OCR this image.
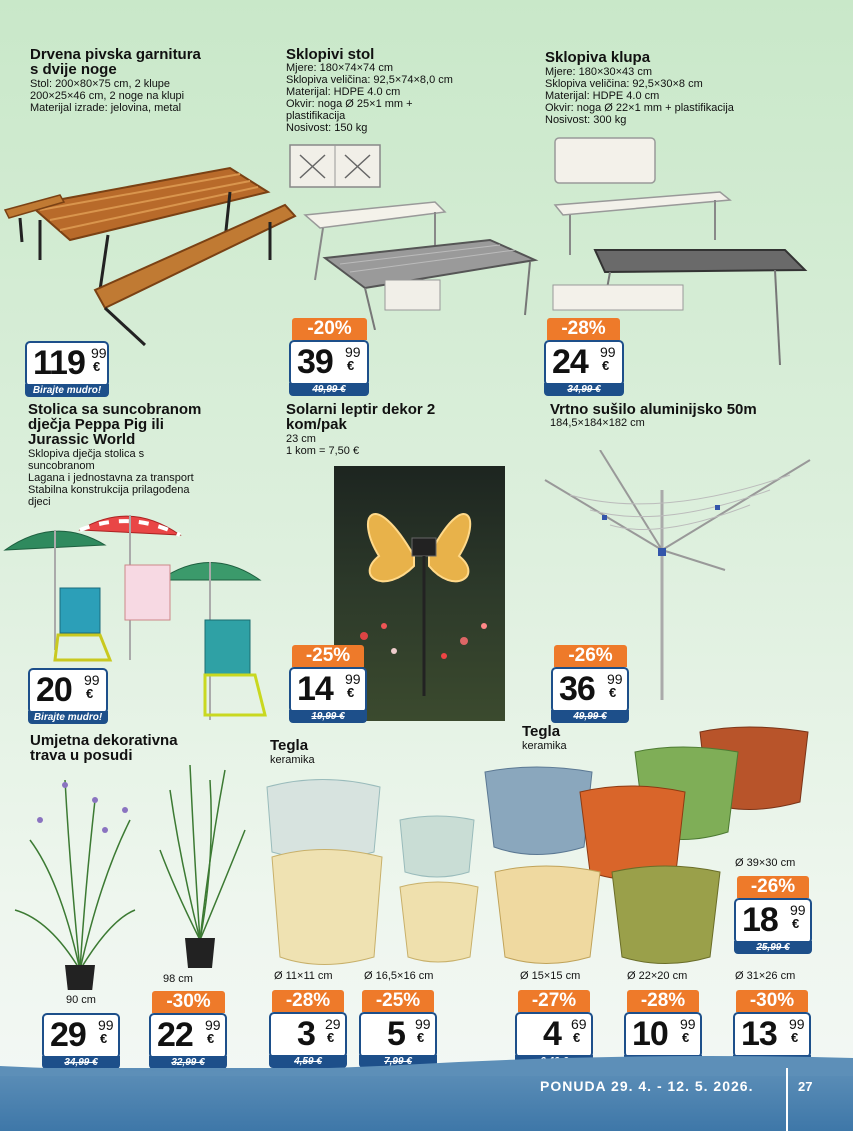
Drvena pivska garnitura
s dvije noge
Stol: 200×80×75 cm, 2 klupe
200×25×46 cm, 2 noge na klupi
Materijal izrade: jelovina, metal
119 99
€
Birajte mudro!
Sklopivi stol
Mjere: 180×74×74 cm
Sklopiva veličina: 92,5×74×8,0 cm
Materijal: HDPE 4.0 cm
Okvir: noga Ø 25×1 mm +
plastifikacija
Nosivost: 150 kg
-20%
39 99
€
49,99 €
Sklopiva klupa
Mjere: 180×30×43 cm
Sklopiva veličina: 92,5×30×8 cm
Materijal: HDPE 4.0 cm
Okvir: noga Ø 22×1 mm + plastifikacija
Nosivost: 300 kg
-28%
24 99
€
34,99 €
Stolica sa suncobranom
dječja Peppa Pig ili
Jurassic World
Sklopiva dječja stolica s
suncobranom
Lagana i jednostavna za transport
Stabilna konstrukcija prilagođena
djeci
20 99
€
Birajte mudro!
Solarni leptir dekor 2
kom/pak
23 cm
1 kom = 7,50 €
-25%
14 99
€
19,99 €
Vrtno sušilo aluminijsko 50m
184,5×184×182 cm
-26%
36 99
€
49,99 €
Umjetna dekorativna
trava u posudi
90 cm
98 cm
29 99
€
34,99 €
-30%
22 99
€
32,99 €
Tegla
keramika
Ø 11×11 cm	Ø 16,5×16 cm
-28%
3 29
€
4,59 €
-25%
5 99
€
7,99 €
Tegla
keramika
Ø 39×30 cm
-26%
18 99
€
25,99 €
Ø 15×15 cm	Ø 22×20 cm	Ø 31×26 cm
-27%
4 69
€
-28%
10 99
€
-30%
13 99
€
PONUDA 29. 4. - 12. 5. 2026.	27
